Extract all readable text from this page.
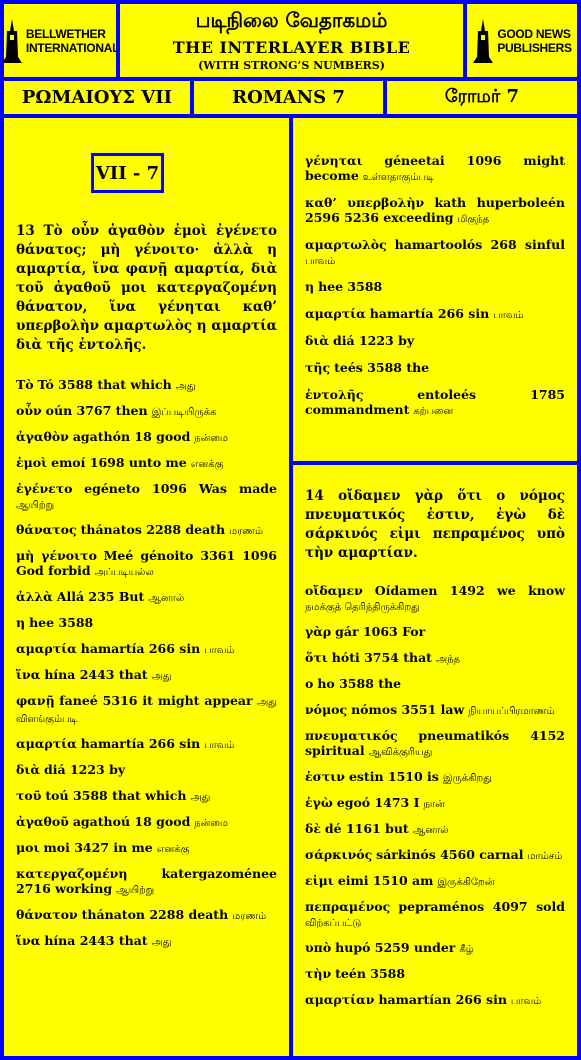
BELLWETHER
INTERNATIONAL
படிநிலை வேதாகமம்
THE INTERLAYER BIBLE
(WITH STRONG’S NUMBERS)
GOOD NEWS
PUBLISHERS
ΡΩΜΑΙΟΥΣ VII	ROMANS 7	ரோமர் 7
VII - 7

13 Τὸ οὖν ἀγαθὸν ἐμοὶ ἐγένετο θάνατος; μὴ γένοιτο· ἀλλὰ η αμαρτία, ἵνα φανῇ αμαρτία, διὰ τοῦ ἀγαθοῦ μοι κατεργαζομένη θάνατον, ἵνα γένηται καθ’ υπερβολὴν αμαρτωλὸς η αμαρτία διὰ τῆς ἐντολῆς.

Τὸ Tó 3588 that which அது

οὖν oún 3767 then இப்படியிருக்க

ἀγαθὸν agathón 18 good நன்மை

ἐμοὶ emoí 1698 unto me எனக்கு

ἐγένετο egéneto 1096 Was made ஆயிற்று

θάνατος thánatos 2288 death மரணம்

μὴ γένοιτο Meé génoito 3361 1096 God forbid அப்படியல்ல

ἀλλὰ Allá 235 But ஆனால்

η hee 3588

αμαρτία hamartía 266 sin பாவம்

ἵνα hína 2443 that அது

φανῇ faneé 5316 it might appear அது விளங்கும்படி

αμαρτία hamartía 266 sin பாவம்

διὰ diá 1223 by

τοῦ toú 3588 that which அது

ἀγαθοῦ agathoú 18 good நன்மை

μοι moi 3427 in me எனக்கு

κατεργαζομένη	katergazoménee 2716 working ஆயிற்று

θάνατον thánaton 2288 death மரணம்

ἵνα hína 2443 that அது

γένηται géneetai 1096 might become உள்ளதாகும்படி

καθ’ υπερβολὴν kath huperboleén 2596 5236 exceeding மிகுந்த

αμαρτωλὸς hamartoolós 268 sinful பாவம்

η hee 3588

αμαρτία hamartía 266 sin பாவம்

διὰ diá 1223 by

τῆς teés 3588 the

ἐντολῆς	entoleés 1785 commandment கற்பனை

14 οἴδαμεν γὰρ ὅτι ο νόμος πνευματικός ἐστιν, ἐγὼ δὲ σάρκινός εἰμι πεπραμένος υπὸ τὴν αμαρτίαν.

οἴδαμεν Oídamen 1492 we know நமக்குத் தெரிந்திருக்கிறது

γὰρ gár 1063 For

ὅτι hóti 3754 that அந்த

ο ho 3588 the

νόμος nómos 3551 law நியாயப்பிரமாணம்

πνευματικός pneumatikós 4152 spiritual ஆவிக்குரியது

ἐστιν estin 1510 is இருக்கிறது

ἐγὼ egoó 1473 I நான்

δὲ dé 1161 but ஆனால்

σάρκινός sárkinós 4560 carnal மாம்சம்

εἰμι eimi 1510 am இருக்கிறேன்

πεπραμένος pepraménos 4097 sold விற்கப்பட்டு

υπὸ hupó 5259 under கீழ்

τὴν teén 3588

αμαρτίαν hamartían 266 sin பாவம்
